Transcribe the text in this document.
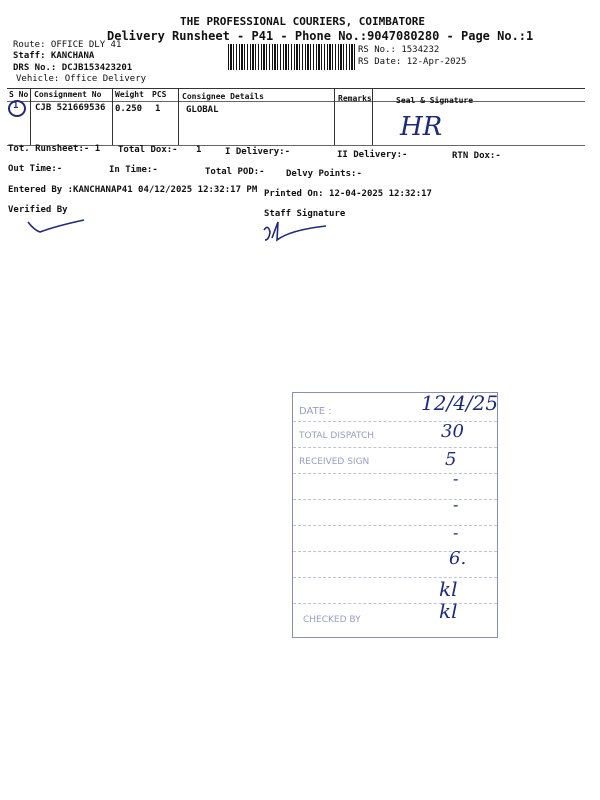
THE PROFESSIONAL COURIERS, COIMBATORE
Delivery Runsheet - P41 - Phone No.:9047080280 - Page No.:1
Route: OFFICE DLY 41
Staff: KANCHANA
DRS No.: DCJB153423201
Vehicle: Office Delivery
RS No.: 1534232
RS Date: 12-Apr-2025
S No Consignment No Weight PCS Consignee Details	Remarks	Seal & Signature
1 CJB 521669536 0.250 1	GLOBAL
HR
Tot. Runsheet:- 1 Total Dox:- 1	I Delivery:-	II Delivery:-	RTN Dox:-
Out Time:-	In Time:-	Total POD:- Delvy Points:-
Entered By :KANCHANAP41 04/12/2025 12:32:17 PM Printed On: 12-04-2025 12:32:17
Verified By	Staff Signature
DATE :	12/4/25
TOTAL DISPATCH	30
RECEIVED SIGN	5
-
-
-
6.
kl
CHECKED BY	kl
